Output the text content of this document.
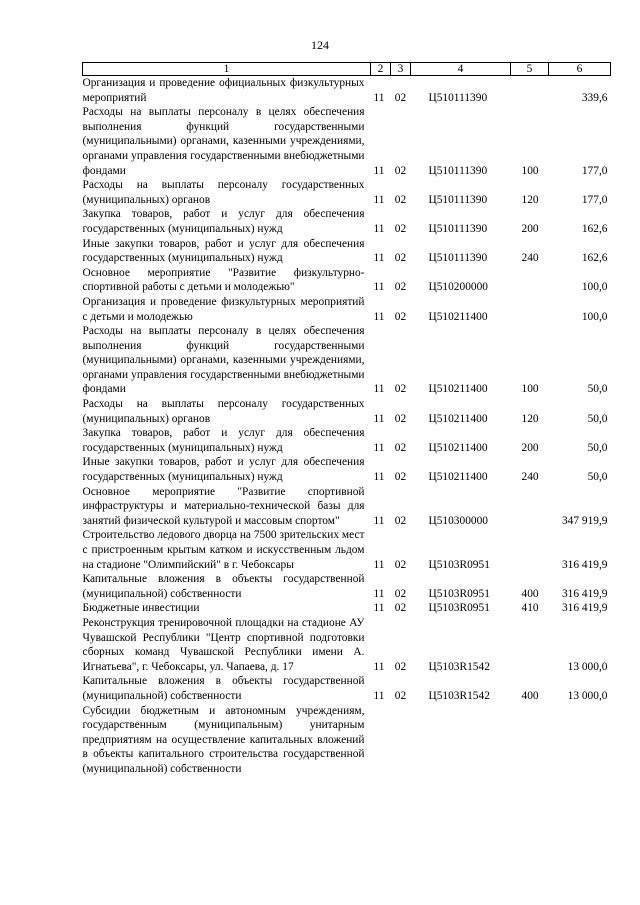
124
1	2	3	4	5	6
Организация и проведение официальных физкультурных мероприятий	11	02	Ц510111390		339,6
Расходы на выплаты персоналу в целях обеспечения выполнения функций государственными (муниципальными) органами, казенными учреждениями, органами управления государственными внебюджетными фондами	11	02	Ц510111390	100	177,0
Расходы на выплаты персоналу государственных (муниципальных) органов	11	02	Ц510111390	120	177,0
Закупка товаров, работ и услуг для обеспечения государственных (муниципальных) нужд	11	02	Ц510111390	200	162,6
Иные закупки товаров, работ и услуг для обеспечения государственных (муниципальных) нужд	11	02	Ц510111390	240	162,6
Основное мероприятие "Развитие физкультурно-спортивной работы с детьми и молодежью"	11	02	Ц510200000		100,0
Организация и проведение физкультурных мероприятий с детьми и молодежью	11	02	Ц510211400		100,0
Расходы на выплаты персоналу в целях обеспечения выполнения функций государственными (муниципальными) органами, казенными учреждениями, органами управления государственными внебюджетными фондами	11	02	Ц510211400	100	50,0
Расходы на выплаты персоналу государственных (муниципальных) органов	11	02	Ц510211400	120	50,0
Закупка товаров, работ и услуг для обеспечения государственных (муниципальных) нужд	11	02	Ц510211400	200	50,0
Иные закупки товаров, работ и услуг для обеспечения государственных (муниципальных) нужд	11	02	Ц510211400	240	50,0
Основное мероприятие "Развитие спортивной инфраструктуры и материально-технической базы для занятий физической культурой и массовым спортом"	11	02	Ц510300000		347 919,9
Строительство ледового дворца на 7500 зрительских мест с пристроенным крытым катком и искусственным льдом на стадионе "Олимпийский" в г. Чебоксары	11	02	Ц5103R0951		316 419,9
Капитальные вложения в объекты государственной (муниципальной) собственности	11	02	Ц5103R0951	400	316 419,9
Бюджетные инвестиции	11	02	Ц5103R0951	410	316 419,9
Реконструкция тренировочной площадки на стадионе АУ Чувашской Республики "Центр спортивной подготовки сборных команд Чувашской Республики имени А. Игнатьева", г. Чебоксары, ул. Чапаева, д. 17	11	02	Ц5103R1542		13 000,0
Капитальные вложения в объекты государственной (муниципальной) собственности	11	02	Ц5103R1542	400	13 000,0
Субсидии бюджетным и автономным учреждениям, государственным (муниципальным) унитарным предприятиям на осуществление капитальных вложений в объекты капитального строительства государственной (муниципальной) собственности					
